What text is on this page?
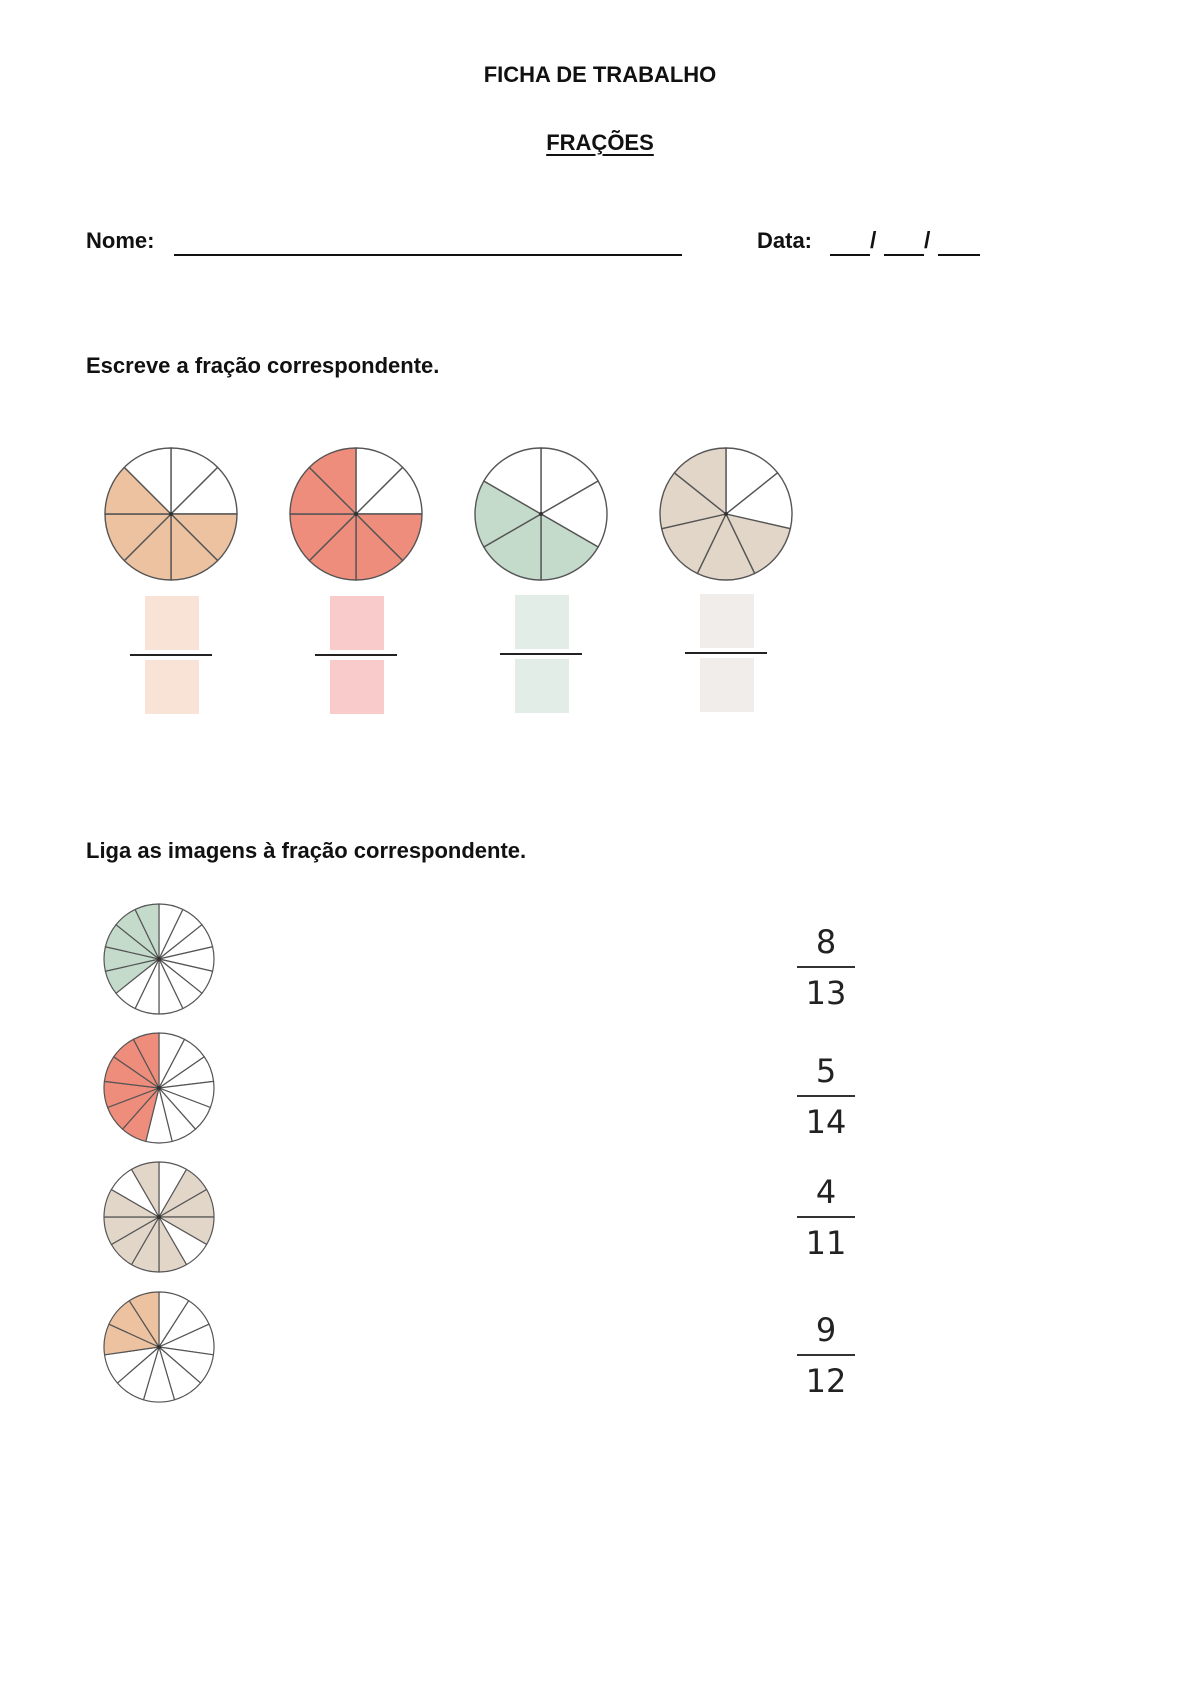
FICHA DE TRABALHO
FRAÇÕES
Nome:	Data:	/ /
Escreve a fração correspondente.
Liga as imagens à fração correspondente.
8
13
5
14
4
11
9
12
